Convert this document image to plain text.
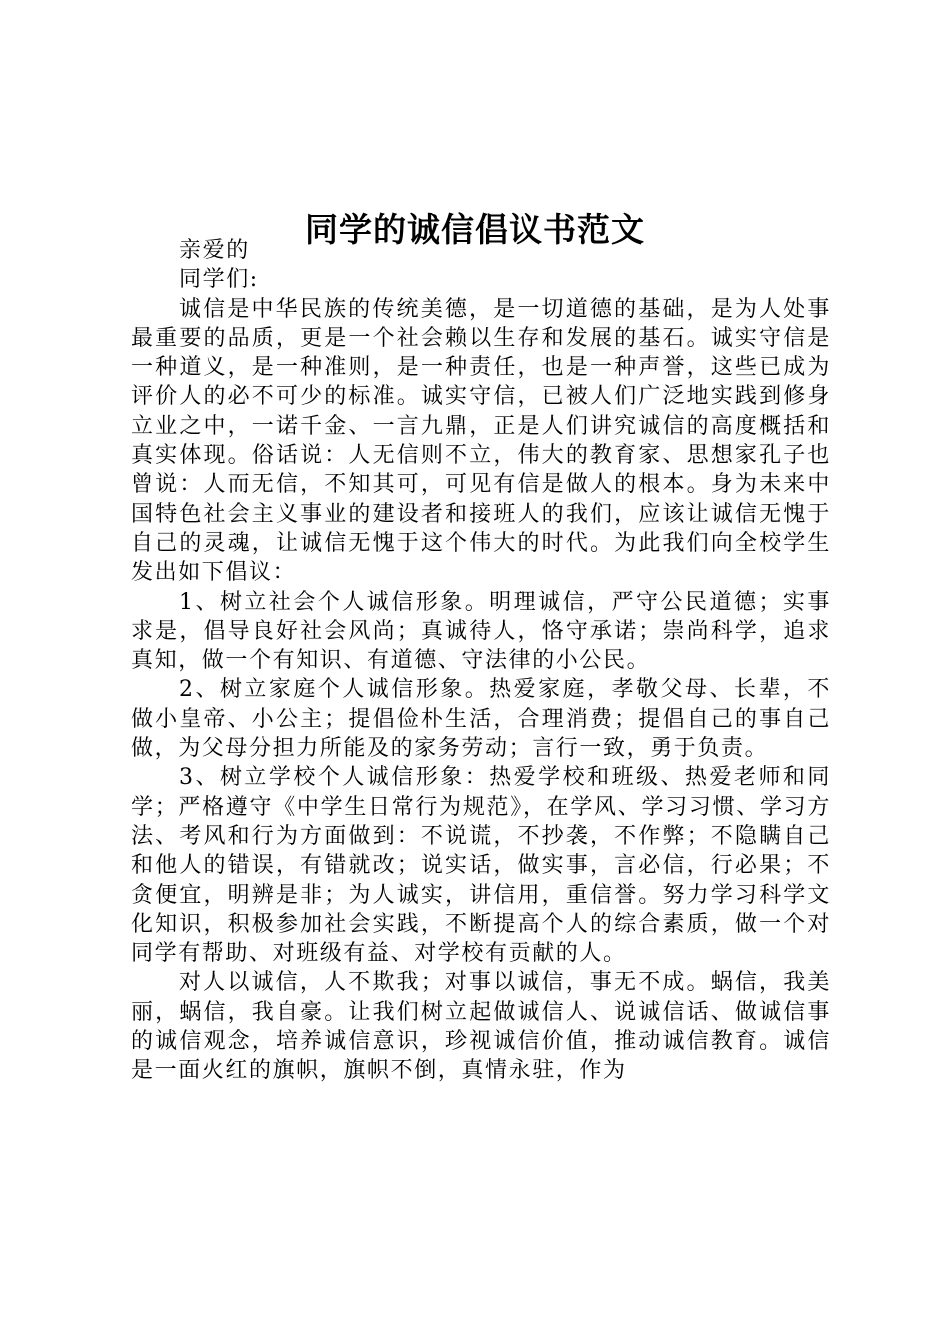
同学的诚信倡议书范文

亲爱的

同学们:

诚信是中华民族的传统美德，是一切道德的基础，是为人处事最重要的品质，更是一个社会赖以生存和发展的基石。诚实守信是一种道义，是一种准则，是一种责任，也是一种声誉，这些已成为评价人的必不可少的标准。诚实守信，已被人们广泛地实践到修身立业之中，一诺千金、一言九鼎，正是人们讲究诚信的高度概括和真实体现。俗话说：人无信则不立，伟大的教育家、思想家孔子也曾说：人而无信，不知其可，可见有信是做人的根本。身为未来中国特色社会主义事业的建设者和接班人的我们，应该让诚信无愧于自己的灵魂，让诚信无愧于这个伟大的时代。为此我们向全校学生发出如下倡议：

1、树立社会个人诚信形象。明理诚信，严守公民道德；实事求是，倡导良好社会风尚；真诚待人，恪守承诺；崇尚科学，追求真知，做一个有知识、有道德、守法律的小公民。

2、树立家庭个人诚信形象。热爱家庭，孝敬父母、长辈，不做小皇帝、小公主；提倡俭朴生活，合理消费；提倡自己的事自己做，为父母分担力所能及的家务劳动；言行一致，勇于负责。

3、树立学校个人诚信形象：热爱学校和班级、热爱老师和同学；严格遵守《中学生日常行为规范》，在学风、学习习惯、学习方法、考风和行为方面做到：不说谎，不抄袭，不作弊；不隐瞒自己和他人的错误，有错就改；说实话，做实事，言必信，行必果；不贪便宜，明辨是非；为人诚实，讲信用，重信誉。努力学习科学文化知识，积极参加社会实践，不断提高个人的综合素质，做一个对同学有帮助、对班级有益、对学校有贡献的人。

对人以诚信，人不欺我；对事以诚信，事无不成。蜗信，我美丽，蜗信，我自豪。让我们树立起做诚信人、说诚信话、做诚信事的诚信观念，培养诚信意识，珍视诚信价值，推动诚信教育。诚信是一面火红的旗帜，旗帜不倒，真情永驻，作为
